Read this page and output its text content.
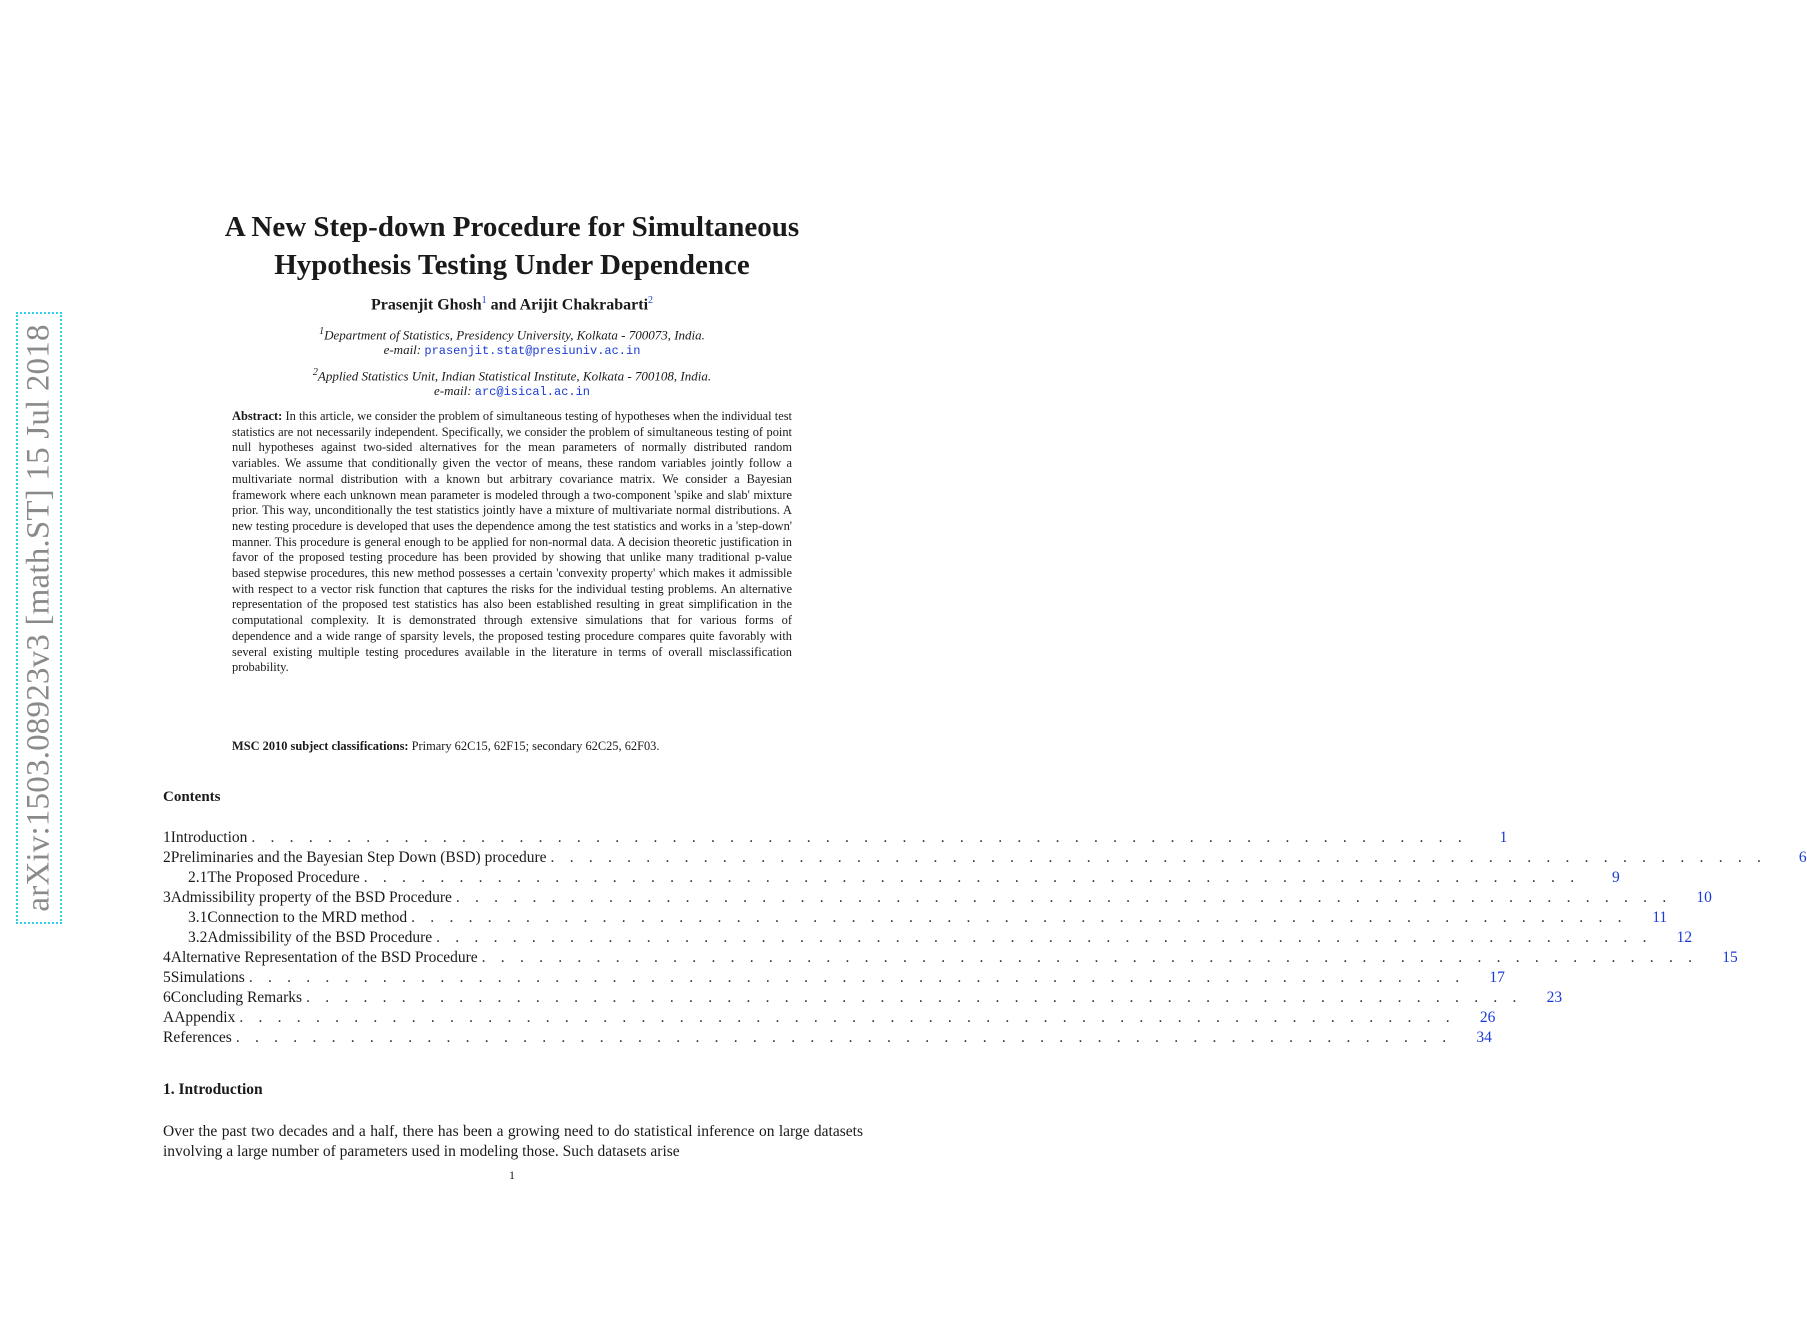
arXiv:1503.08923v3 [math.ST] 15 Jul 2018
A New Step-down Procedure for Simultaneous
Hypothesis Testing Under Dependence
Prasenjit Ghosh$^1$ and Arijit Chakrabarti$^2$
$^1$Department of Statistics, Presidency University, Kolkata - 700073, India.
e-mail: prasenjit.stat@presiuniv.ac.in
$^2$Applied Statistics Unit, Indian Statistical Institute, Kolkata - 700108, India.
e-mail: arc@isical.ac.in
Abstract: In this article, we consider the problem of simultaneous testing of hypotheses when the individual test statistics are not necessarily independent. Specifically, we consider the problem of simultaneous testing of point null hypotheses against two-sided alternatives for the mean parameters of normally distributed random variables. We assume that conditionally given the vector of means, these random variables jointly follow a multivariate normal distribution with a known but arbitrary covariance matrix. We consider a Bayesian framework where each unknown mean parameter is modeled through a two-component 'spike and slab' mixture prior. This way, unconditionally the test statistics jointly have a mixture of multivariate normal distributions. A new testing procedure is developed that uses the dependence among the test statistics and works in a 'step-down' manner. This procedure is general enough to be applied for non-normal data. A decision theoretic justification in favor of the proposed testing procedure has been provided by showing that unlike many traditional p-value based stepwise procedures, this new method possesses a certain 'convexity property' which makes it admissible with respect to a vector risk function that captures the risks for the individual testing problems. An alternative representation of the proposed test statistics has also been established resulting in great simplification in the computational complexity. It is demonstrated through extensive simulations that for various forms of dependence and a wide range of sparsity levels, the proposed testing procedure compares quite favorably with several existing multiple testing procedures available in the literature in terms of overall misclassification probability.
MSC 2010 subject classifications: Primary 62C15, 62F15; secondary 62C25, 62F03.
Contents
1 Introduction . . . . . . . . . . . . . . . . . . . . . . . . . . . . . . . . . . . . . . . . . . . . . . . . . . . . . . . . . . . . . . . .	1
2 Preliminaries and the Bayesian Step Down (BSD) procedure . . . . . . . . . . . . . . . . . . . . . . . . . . . . . . . . . . . . . . . . . . . . . . . . . . . . . . . . . . . . . . . .	6
2.1 The Proposed Procedure . . . . . . . . . . . . . . . . . . . . . . . . . . . . . . . . . . . . . . . . . . . . . . . . . . . . . . . . . . . . . . . .	9
3 Admissibility property of the BSD Procedure . . . . . . . . . . . . . . . . . . . . . . . . . . . . . . . . . . . . . . . . . . . . . . . . . . . . . . . . . . . . . . . .	10
3.1 Connection to the MRD method . . . . . . . . . . . . . . . . . . . . . . . . . . . . . . . . . . . . . . . . . . . . . . . . . . . . . . . . . . . . . . . .	11
3.2 Admissibility of the BSD Procedure . . . . . . . . . . . . . . . . . . . . . . . . . . . . . . . . . . . . . . . . . . . . . . . . . . . . . . . . . . . . . . . .	12
4 Alternative Representation of the BSD Procedure . . . . . . . . . . . . . . . . . . . . . . . . . . . . . . . . . . . . . . . . . . . . . . . . . . . . . . . . . . . . . . . .	15
5 Simulations . . . . . . . . . . . . . . . . . . . . . . . . . . . . . . . . . . . . . . . . . . . . . . . . . . . . . . . . . . . . . . . .	17
6 Concluding Remarks . . . . . . . . . . . . . . . . . . . . . . . . . . . . . . . . . . . . . . . . . . . . . . . . . . . . . . . . . . . . . . . .	23
A Appendix . . . . . . . . . . . . . . . . . . . . . . . . . . . . . . . . . . . . . . . . . . . . . . . . . . . . . . . . . . . . . . . .	26
References . . . . . . . . . . . . . . . . . . . . . . . . . . . . . . . . . . . . . . . . . . . . . . . . . . . . . . . . . . . . . . . .	34
1. Introduction
Over the past two decades and a half, there has been a growing need to do statistical inference on large datasets involving a large number of parameters used in modeling those. Such datasets arise
1
